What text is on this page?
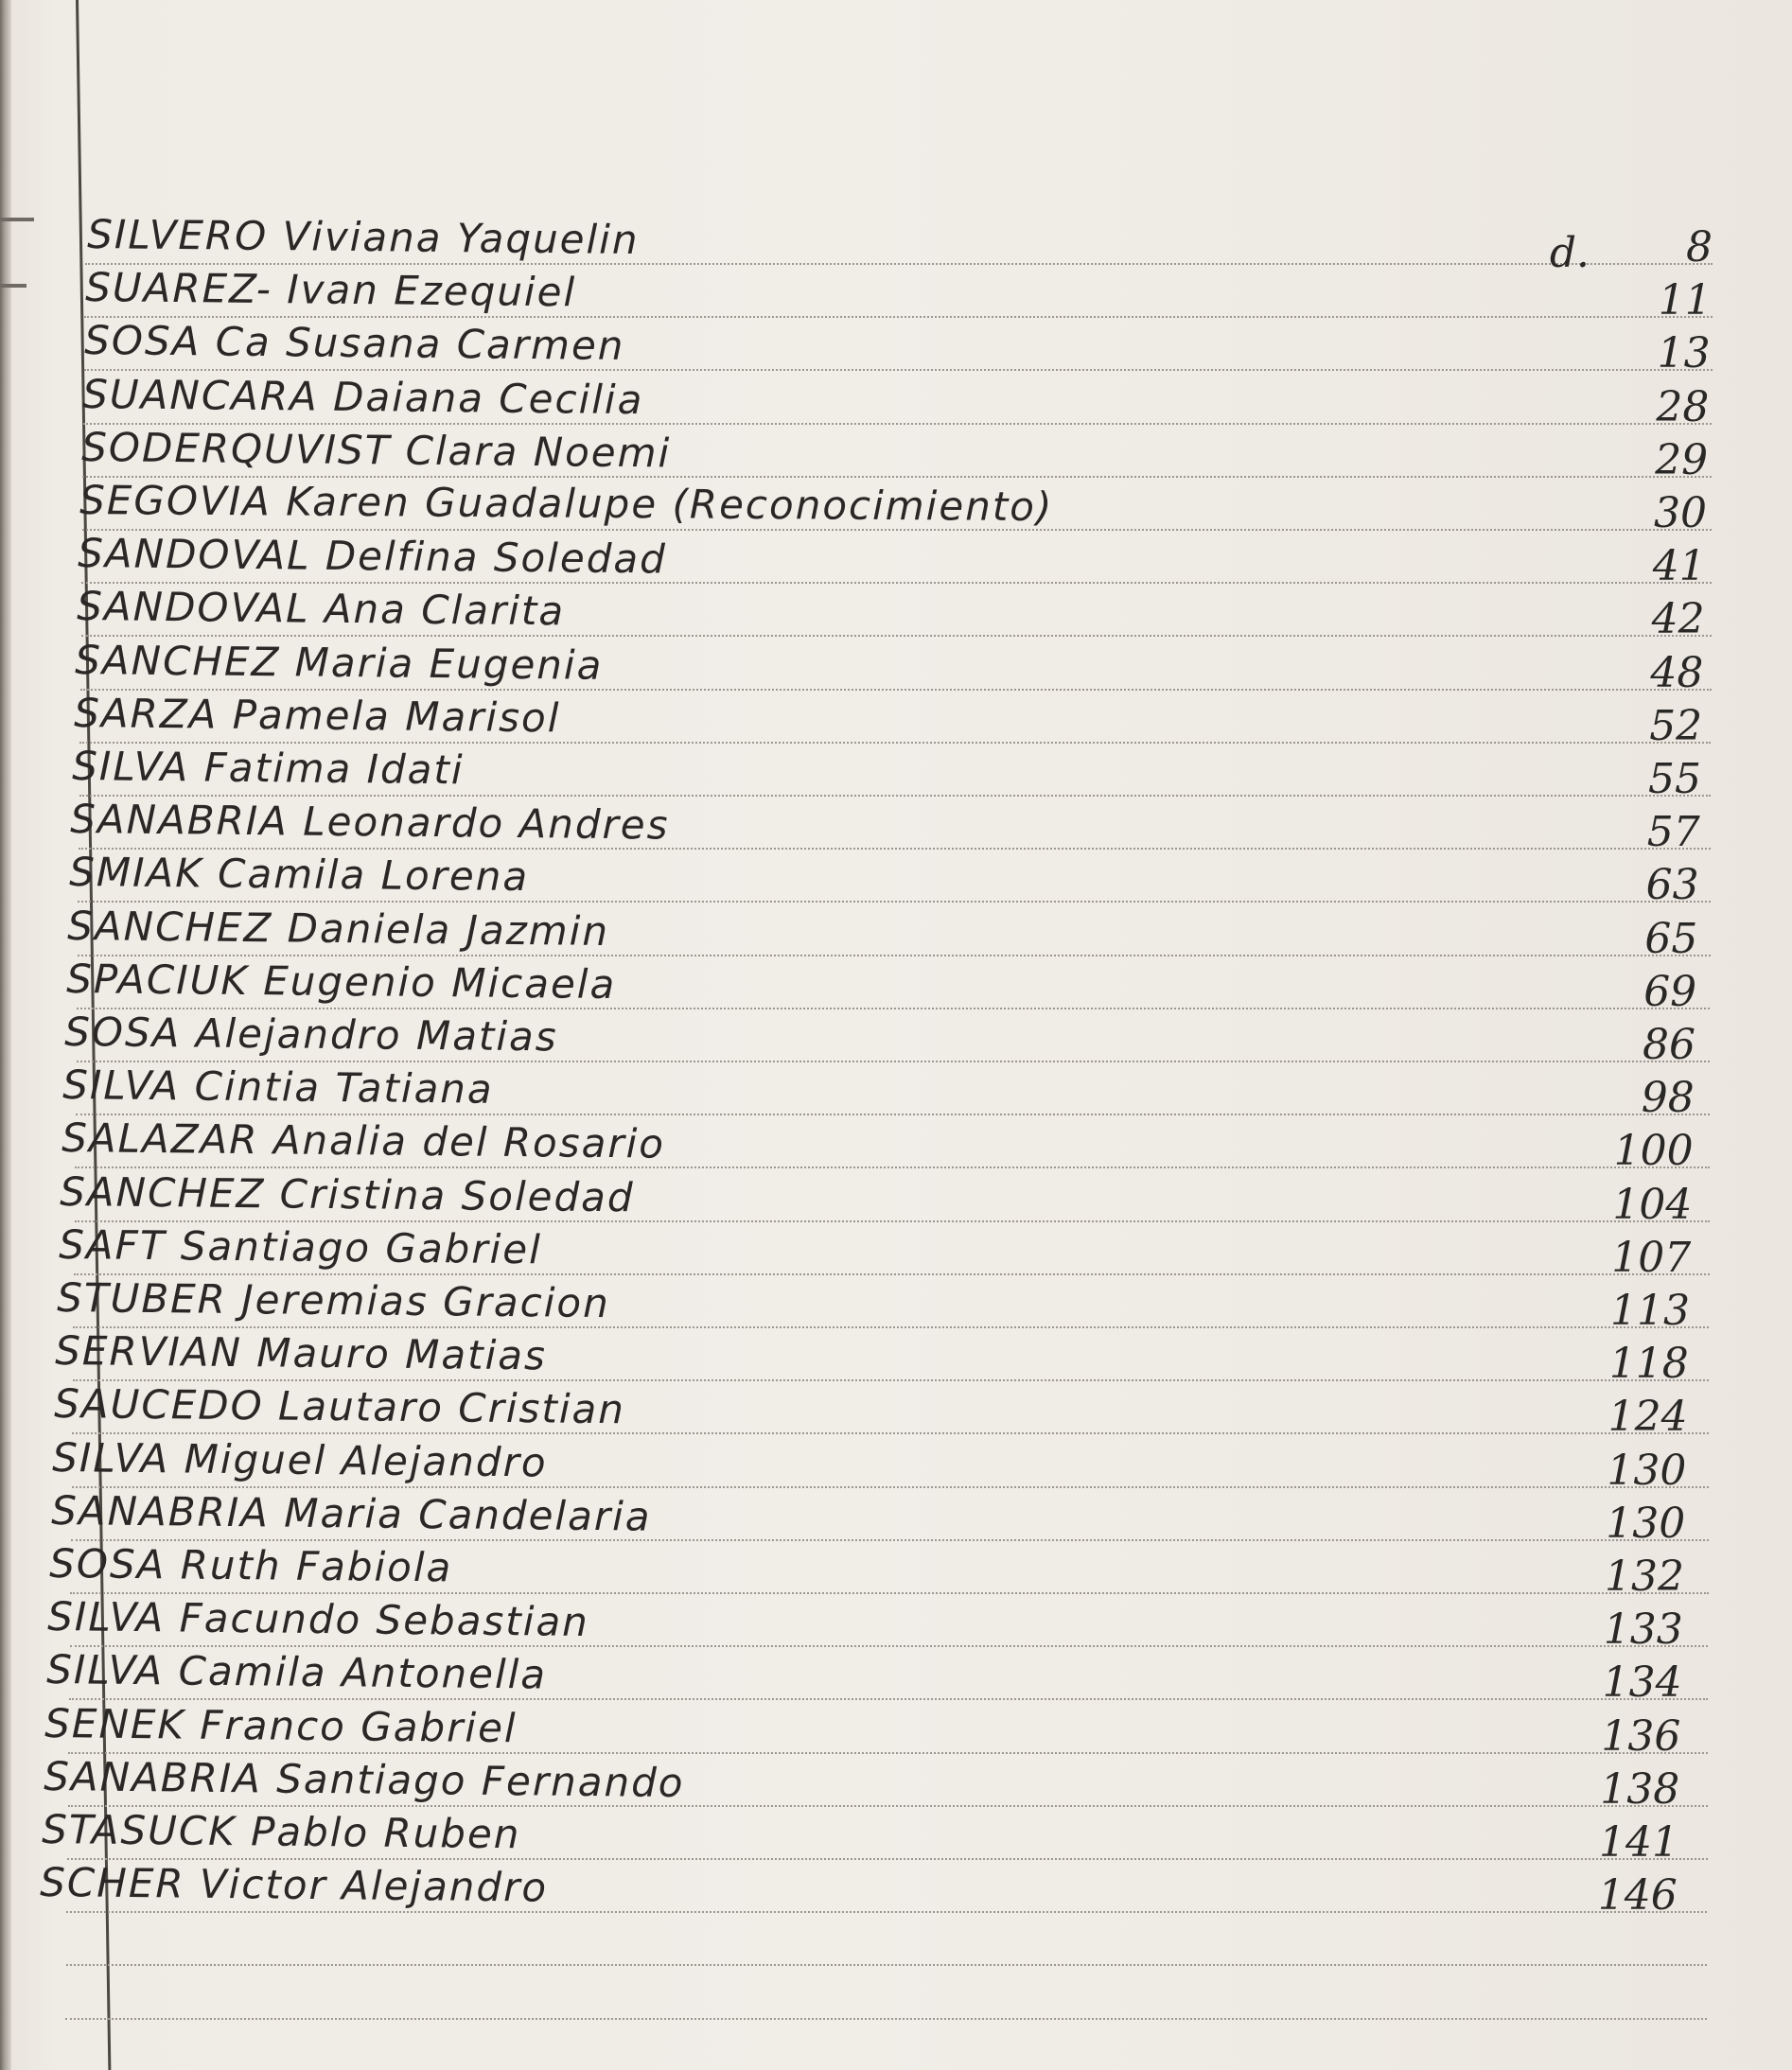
SILVERO Viviana Yaquelin	d.	8
SUAREZ- Ivan Ezequiel	11
SOSA Ca Susana Carmen	13
SUANCARA Daiana Cecilia	28
SODERQUVIST Clara Noemi	29
SEGOVIA Karen Guadalupe (Reconocimiento)	30
SANDOVAL Delfina Soledad	41
SANDOVAL Ana Clarita	42
SANCHEZ Maria Eugenia	48
SARZA Pamela Marisol	52
SILVA Fatima Idati	55
SANABRIA Leonardo Andres	57
SMIAK Camila Lorena	63
SANCHEZ Daniela Jazmin	65
SPACIUK Eugenio Micaela	69
SOSA Alejandro Matias	86
SILVA Cintia Tatiana	98
SALAZAR Analia del Rosario	100
SANCHEZ Cristina Soledad	104
SAFT Santiago Gabriel	107
STUBER Jeremias Gracion	113
SERVIAN Mauro Matias	118
SAUCEDO Lautaro Cristian	124
SILVA Miguel Alejandro	130
SANABRIA Maria Candelaria	130
SOSA Ruth Fabiola	132
SILVA Facundo Sebastian	133
SILVA Camila Antonella	134
SENEK Franco Gabriel	136
SANABRIA Santiago Fernando	138
STASUCK Pablo Ruben	141
SCHER Victor Alejandro	146
